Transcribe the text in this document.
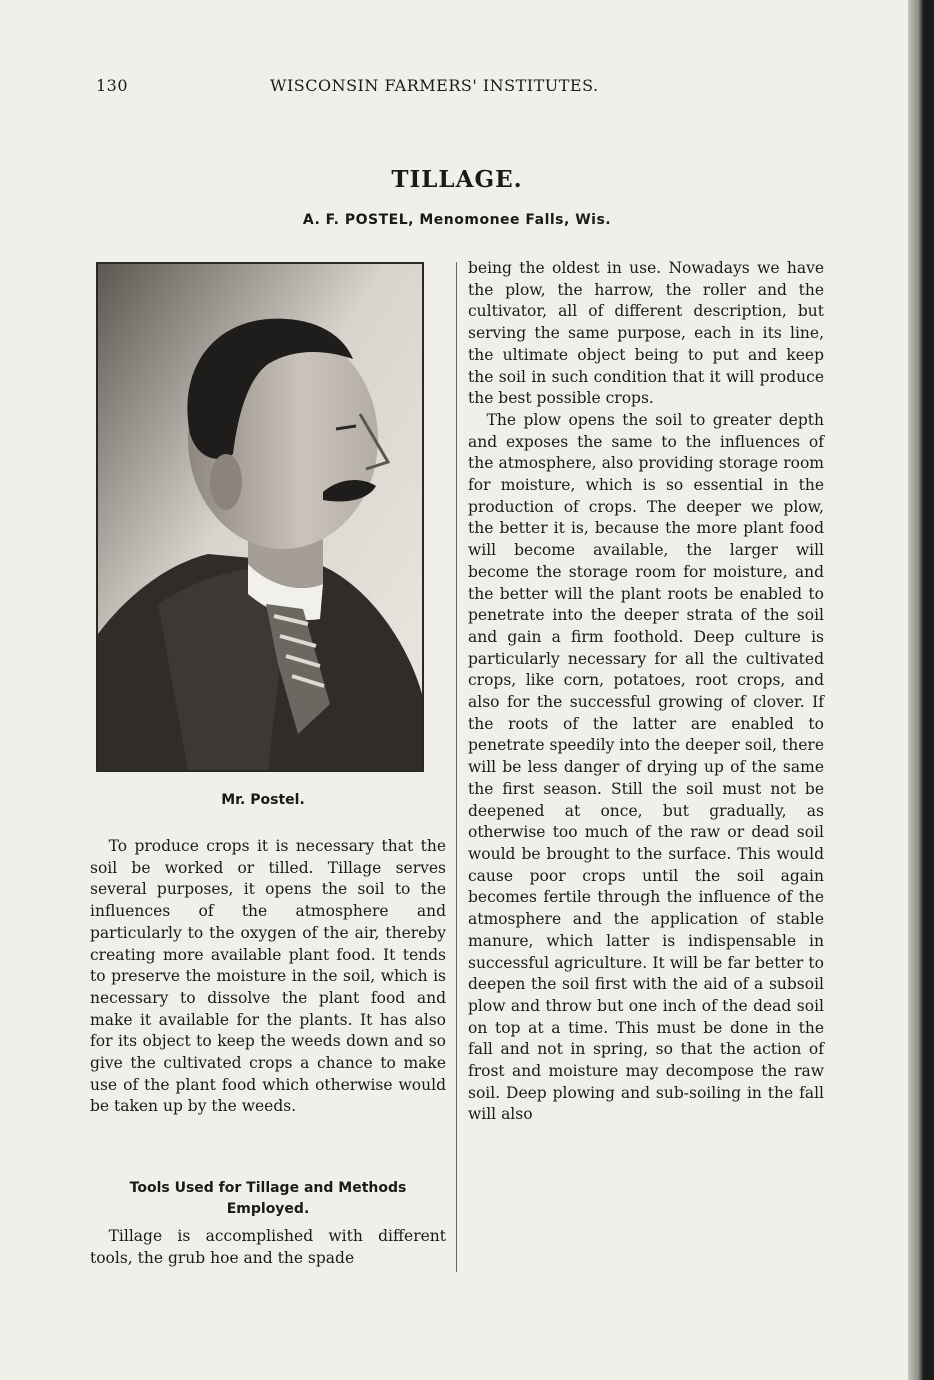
130	WISCONSIN FARMERS' INSTITUTES.
TILLAGE.
A. F. POSTEL, Menomonee Falls, Wis.
Mr. Postel.

To produce crops it is necessary that the soil be worked or tilled. Tillage serves several purposes, it opens the soil to the influences of the atmosphere and particularly to the oxygen of the air, thereby creating more available plant food. It tends to preserve the moisture in the soil, which is necessary to dissolve the plant food and make it available for the plants. It has also for its object to keep the weeds down and so give the cultivated crops a chance to make use of the plant food which otherwise would be taken up by the weeds.

Tools Used for Tillage and Methods Employed.

Tillage is accomplished with different tools, the grub hoe and the spade

being the oldest in use. Nowadays we have the plow, the harrow, the roller and the cultivator, all of different description, but serving the same purpose, each in its line, the ultimate object being to put and keep the soil in such condition that it will produce the best possible crops.

The plow opens the soil to greater depth and exposes the same to the influences of the atmosphere, also providing storage room for moisture, which is so essential in the production of crops. The deeper we plow, the better it is, because the more plant food will become available, the larger will become the storage room for moisture, and the better will the plant roots be enabled to penetrate into the deeper strata of the soil and gain a firm foothold. Deep culture is particularly necessary for all the cultivated crops, like corn, potatoes, root crops, and also for the successful growing of clover. If the roots of the latter are enabled to penetrate speedily into the deeper soil, there will be less danger of drying up of the same the first season. Still the soil must not be deepened at once, but gradually, as otherwise too much of the raw or dead soil would be brought to the surface. This would cause poor crops until the soil again becomes fertile through the influence of the atmosphere and the application of stable manure, which latter is indispensable in successful agriculture. It will be far better to deepen the soil first with the aid of a subsoil plow and throw but one inch of the dead soil on top at a time. This must be done in the fall and not in spring, so that the action of frost and moisture may decompose the raw soil. Deep plowing and sub-soiling in the fall will also
